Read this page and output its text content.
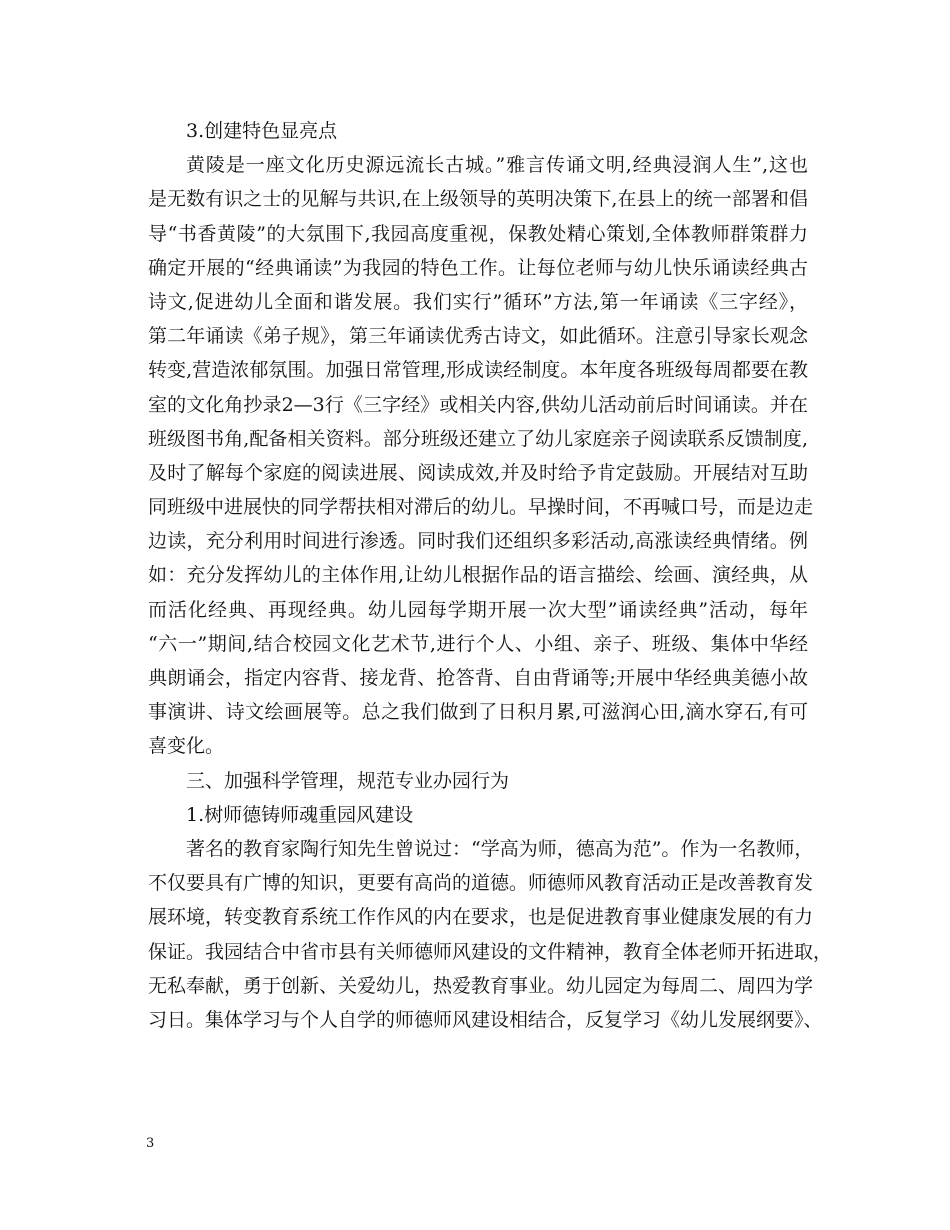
3.创建特色显亮点
黄陵是一座文化历史源远流长古城。”雅言传诵文明,经典浸润人生”,这也
是无数有识之士的见解与共识,在上级领导的英明决策下,在县上的统一部署和倡
导“书香黄陵”的大氛围下,我园高度重视，保教处精心策划,全体教师群策群力
确定开展的“经典诵读”为我园的特色工作。让每位老师与幼儿快乐诵读经典古
诗文,促进幼儿全面和谐发展。我们实行”循环”方法,第一年诵读《三字经》，
第二年诵读《弟子规》，第三年诵读优秀古诗文，如此循环。注意引导家长观念
转变,营造浓郁氛围。加强日常管理,形成读经制度。本年度各班级每周都要在教
室的文化角抄录2—3行《三字经》或相关内容,供幼儿活动前后时间诵读。并在
班级图书角,配备相关资料。部分班级还建立了幼儿家庭亲子阅读联系反馈制度,
及时了解每个家庭的阅读进展、阅读成效,并及时给予肯定鼓励。开展结对互助
同班级中进展快的同学帮扶相对滞后的幼儿。早操时间，不再喊口号，而是边走
边读，充分利用时间进行渗透。同时我们还组织多彩活动,高涨读经典情绪。例
如：充分发挥幼儿的主体作用,让幼儿根据作品的语言描绘、绘画、演经典，从
而活化经典、再现经典。幼儿园每学期开展一次大型”诵读经典”活动，每年
“六一”期间,结合校园文化艺术节,进行个人、小组、亲子、班级、集体中华经
典朗诵会，指定内容背、接龙背、抢答背、自由背诵等;开展中华经典美德小故
事演讲、诗文绘画展等。总之我们做到了日积月累,可滋润心田,滴水穿石,有可
喜变化。
三、加强科学管理，规范专业办园行为
1.树师德铸师魂重园风建设
著名的教育家陶行知先生曾说过：“学高为师，德高为范”。作为一名教师，
不仅要具有广博的知识，更要有高尚的道德。师德师风教育活动正是改善教育发
展环境，转变教育系统工作作风的内在要求，也是促进教育事业健康发展的有力
保证。我园结合中省市县有关师德师风建设的文件精神，教育全体老师开拓进取，
无私奉献，勇于创新、关爱幼儿，热爱教育事业。幼儿园定为每周二、周四为学
习日。集体学习与个人自学的师德师风建设相结合，反复学习《幼儿发展纲要》、
3
